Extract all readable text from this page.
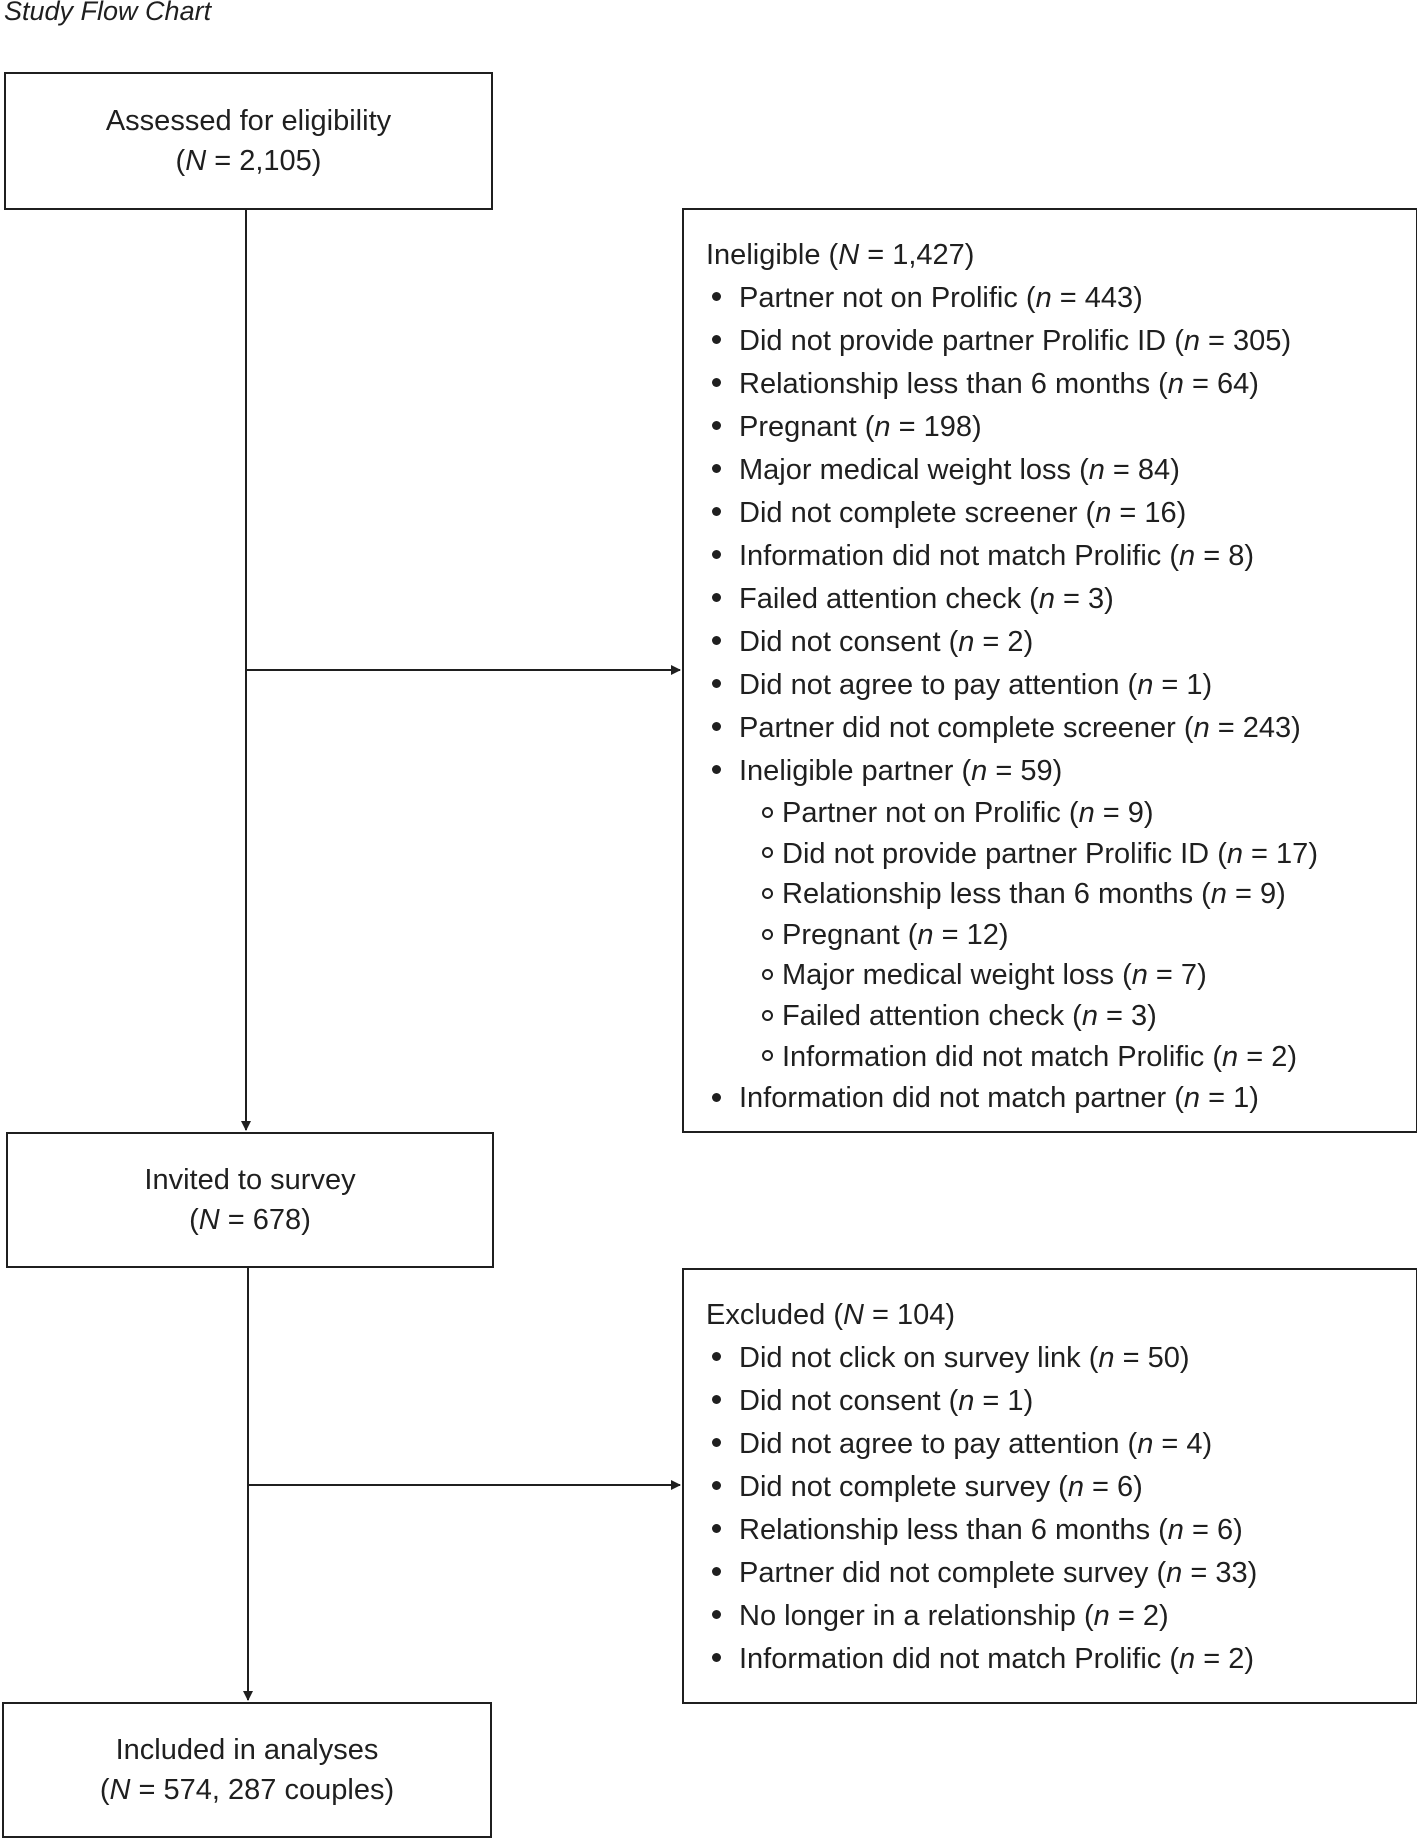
Study Flow Chart
Assessed for eligibility
(N = 2,105)
Invited to survey
(N = 678)
Included in analyses
(N = 574, 287 couples)
Ineligible (N = 1,427)
Partner not on Prolific (n = 443)
Did not provide partner Prolific ID (n = 305)
Relationship less than 6 months (n = 64)
Pregnant (n = 198)
Major medical weight loss (n = 84)
Did not complete screener (n = 16)
Information did not match Prolific (n = 8)
Failed attention check (n = 3)
Did not consent (n = 2)
Did not agree to pay attention (n = 1)
Partner did not complete screener (n = 243)
Ineligible partner (n = 59)
Partner not on Prolific (n = 9)
Did not provide partner Prolific ID (n = 17)
Relationship less than 6 months (n = 9)
Pregnant (n = 12)
Major medical weight loss (n = 7)
Failed attention check (n = 3)
Information did not match Prolific (n = 2)
Information did not match partner (n = 1)
Excluded (N = 104)
Did not click on survey link (n = 50)
Did not consent (n = 1)
Did not agree to pay attention (n = 4)
Did not complete survey (n = 6)
Relationship less than 6 months (n = 6)
Partner did not complete survey (n = 33)
No longer in a relationship (n = 2)
Information did not match Prolific (n = 2)
